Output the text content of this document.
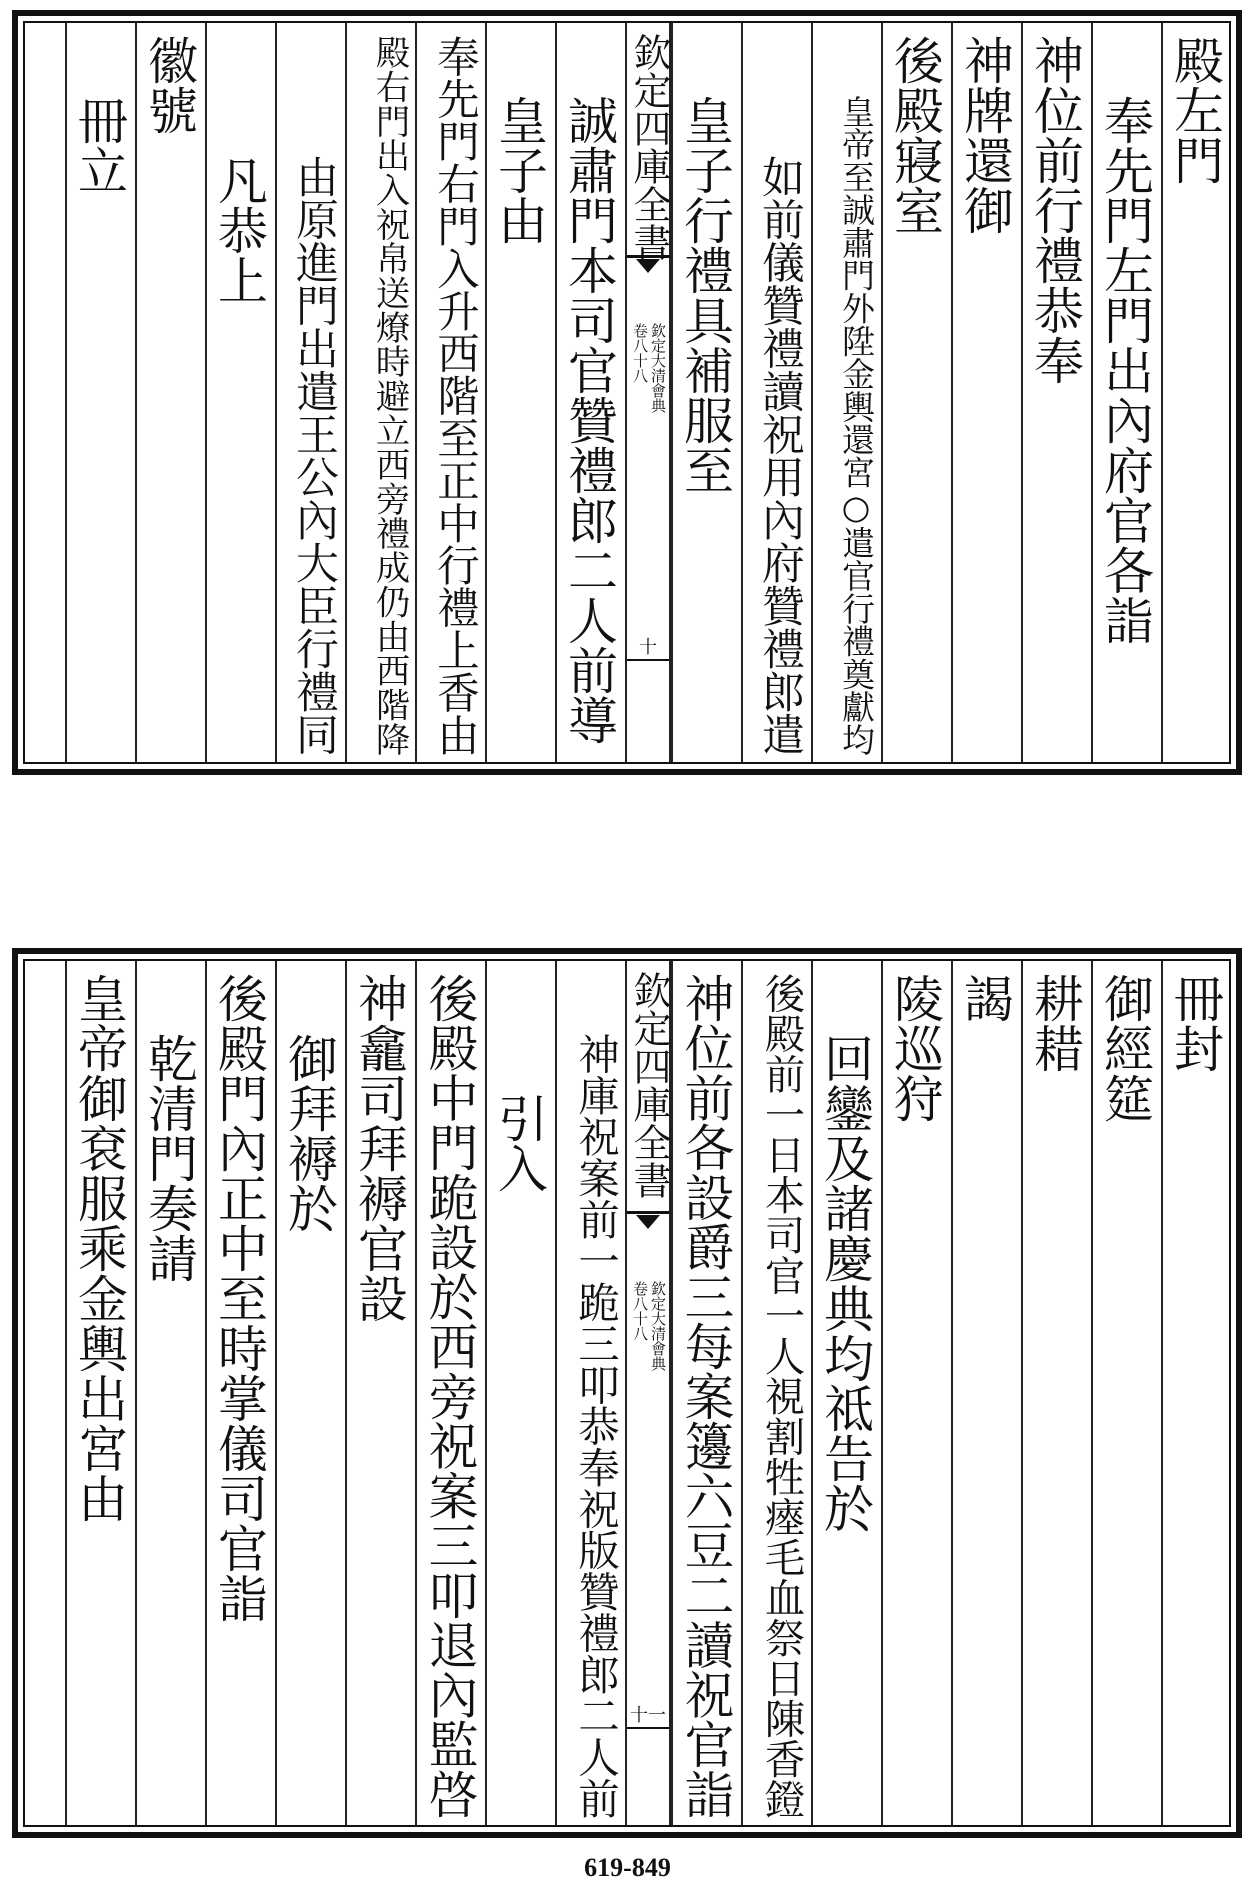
殿左門
奉先門左門出內府官各詣
神位前行禮恭奉
神牌還御
後殿寢室
皇帝至誠肅門外陞金輿還宮○遣官行禮奠獻均
如前儀贊禮讀祝用內府贊禮郎遣
皇子行禮具補服至
欽定四庫全書
欽定大清會典
卷八十八
十
誠肅門本司官贊禮郎二人前導
皇子由
奉先門右門入升西階至正中行禮上香由
殿右門出入祝帛送燎時避立西旁禮成仍由西階降
由原進門出遣王公內大臣行禮同
凡恭上
徽號
冊立
冊封
御經筵
耕耤
謁
陵巡狩
回鑾及諸慶典均祗告於
後殿前一日本司官一人視割牲瘞毛血祭日陳香鐙
神位前各設爵三每案籩六豆二讀祝官詣
欽定四庫全書
欽定大清會典
卷八十八
十一
神庫祝案前一跪三叩恭奉祝版贊禮郎二人前
引入
後殿中門跪設於西旁祝案三叩退內監啓
神龕司拜褥官設
御拜褥於
後殿門內正中至時掌儀司官詣
乾清門奏請
皇帝御袞服乘金輿出宮由
619-849
